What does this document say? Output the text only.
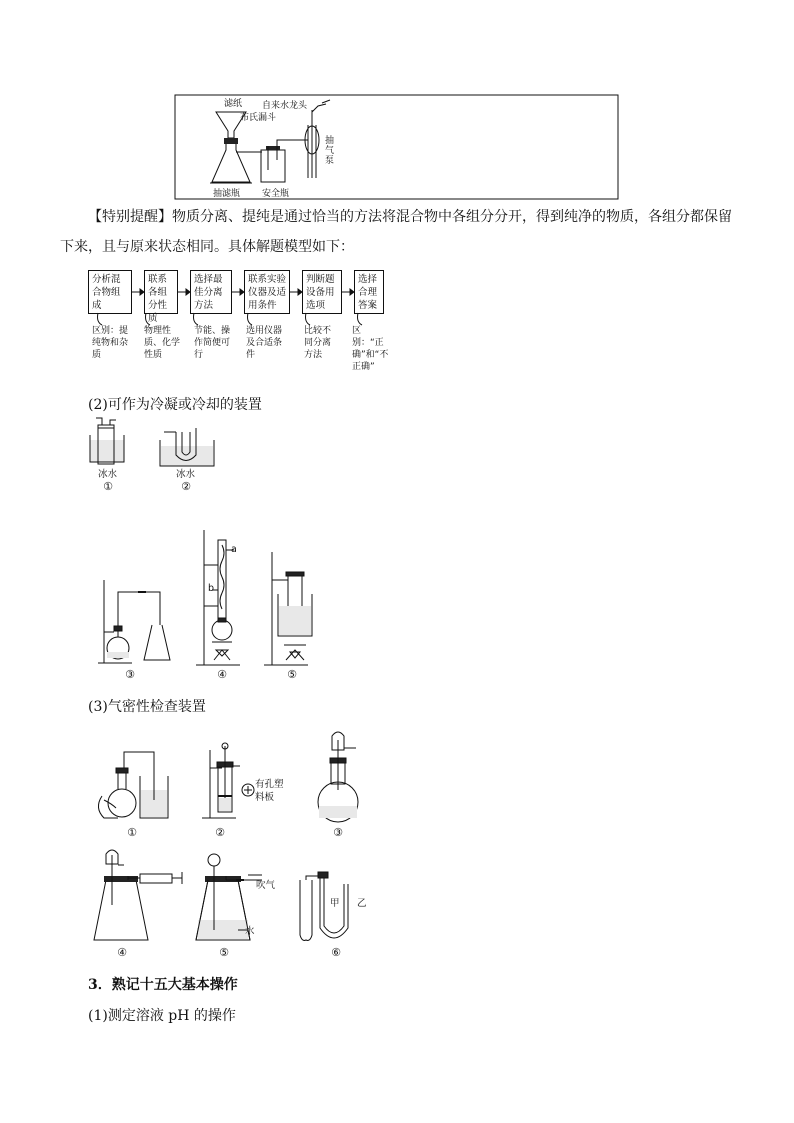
滤纸
布氏漏斗
自来水龙头
抽气泵
抽滤瓶 安全瓶
【特别提醒】物质分离、提纯是通过恰当的方法将混合物中各组分分开，得到纯净的物质，各组分都保留
下来，且与原来状态相同。具体解题模型如下：
分析混合物组成
联系各组分性质
选择最佳分离方法
联系实验仪器及适用条件
判断题设备用选项
选择合理答案
区别：提纯物和杂质
物理性质、化学性质
节能、操作简便可行
选用仪器及合适条件
比较不同分离方法
区别：“正确”和“不正确”
(2)可作为冷凝或冷却的装置
冰水	冰水
①	②
a
b
③	④	⑤
(3)气密性检查装置
有孔塑
料板
吹气
水
甲 乙
①	②	③
④	⑤	⑥
3．熟记十五大基本操作
(1)测定溶液 pH 的操作
